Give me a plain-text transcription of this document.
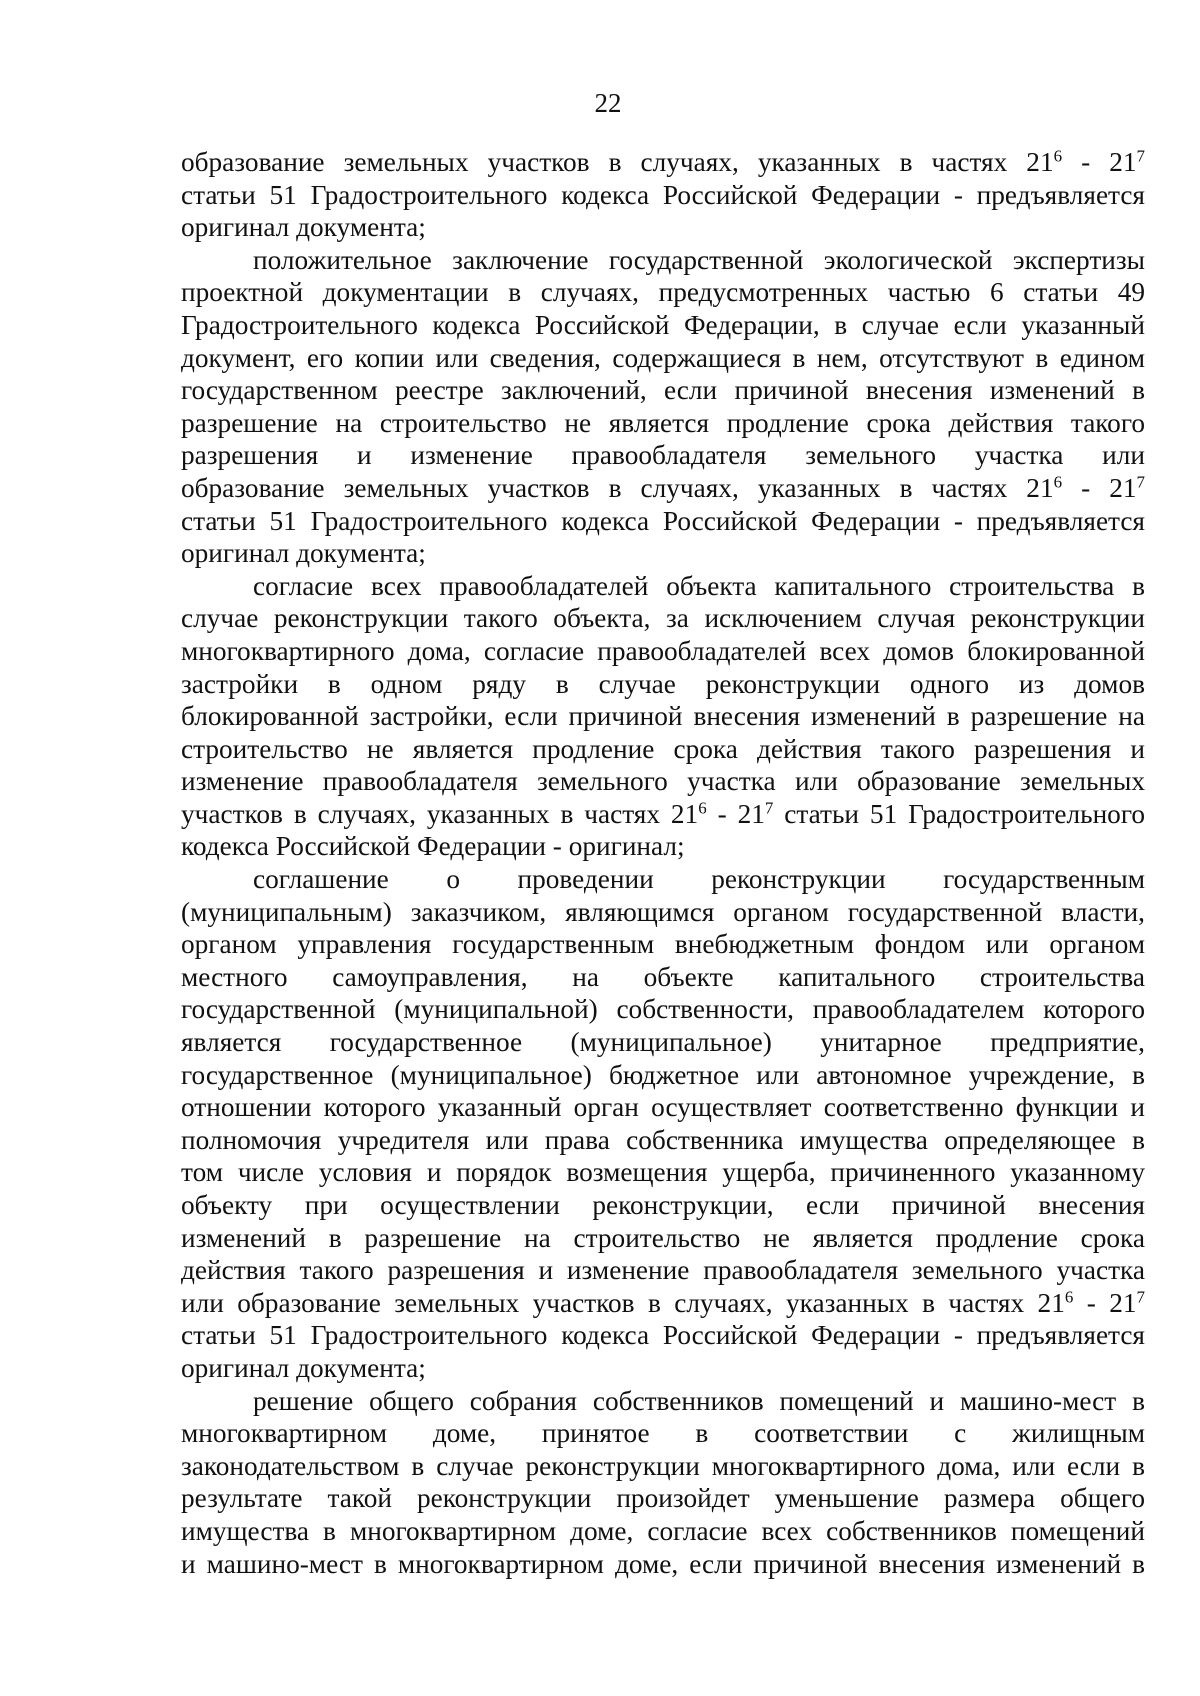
22
образование земельных участков в случаях, указанных в частях $21^6 - 21^7$
статьи 51 Градостроительного кодекса Российской Федерации - предъявляется
оригинал документа;
положительное заключение государственной экологической экспертизы
проектной документации в случаях, предусмотренных частью 6 статьи 49
Градостроительного кодекса Российской Федерации, в случае если указанный
документ, его копии или сведения, содержащиеся в нем, отсутствуют в едином
государственном реестре заключений, если причиной внесения изменений в
разрешение на строительство не является продление срока действия такого
разрешения и изменение правообладателя земельного участка или
образование земельных участков в случаях, указанных в частях $21^6 - 21^7$
статьи 51 Градостроительного кодекса Российской Федерации - предъявляется
оригинал документа;
согласие всех правообладателей объекта капитального строительства в
случае реконструкции такого объекта, за исключением случая реконструкции
многоквартирного дома, согласие правообладателей всех домов блокированной
застройки в одном ряду в случае реконструкции одного из домов
блокированной застройки, если причиной внесения изменений в разрешение на
строительство не является продление срока действия такого разрешения и
изменение правообладателя земельного участка или образование земельных
участков в случаях, указанных в частях $21^6 - 21^7$ статьи 51 Градостроительного
кодекса Российской Федерации - оригинал;
соглашение о проведении реконструкции государственным
(муниципальным) заказчиком, являющимся органом государственной власти,
органом управления государственным внебюджетным фондом или органом
местного самоуправления, на объекте капитального строительства
государственной (муниципальной) собственности, правообладателем которого
является государственное (муниципальное) унитарное предприятие,
государственное (муниципальное) бюджетное или автономное учреждение, в
отношении которого указанный орган осуществляет соответственно функции и
полномочия учредителя или права собственника имущества определяющее в
том числе условия и порядок возмещения ущерба, причиненного указанному
объекту при осуществлении реконструкции, если причиной внесения
изменений в разрешение на строительство не является продление срока
действия такого разрешения и изменение правообладателя земельного участка
или образование земельных участков в случаях, указанных в частях $21^6 - 21^7$
статьи 51 Градостроительного кодекса Российской Федерации - предъявляется
оригинал документа;
решение общего собрания собственников помещений и машино-мест в
многоквартирном доме, принятое в соответствии с жилищным
законодательством в случае реконструкции многоквартирного дома, или если в
результате такой реконструкции произойдет уменьшение размера общего
имущества в многоквартирном доме, согласие всех собственников помещений
и машино-мест в многоквартирном доме, если причиной внесения изменений в
